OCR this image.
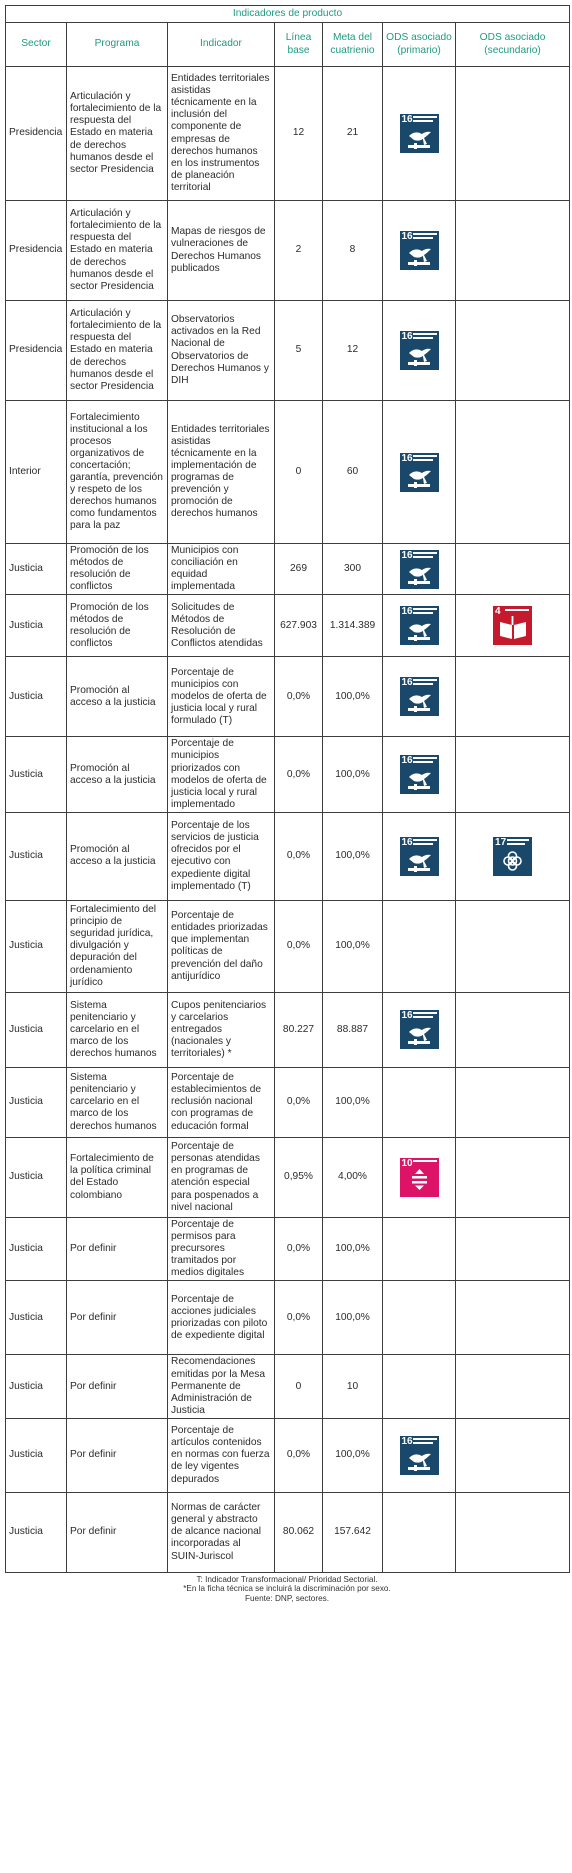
Indicadores de producto						
Sector	Programa	Indicador	Línea base	Meta del cuatrienio	ODS asociado (primario)	ODS asociado (secundario)
Presidencia	Articulación y fortalecimiento de la respuesta del Estado en materia de derechos humanos desde el sector Presidencia	Entidades territoriales asistidas técnicamente en la inclusión del componente de empresas de derechos humanos en los instrumentos de planeación territorial	12	21	16	

Presidencia	Articulación y fortalecimiento de la respuesta del Estado en materia de derechos humanos desde el sector Presidencia	Mapas de riesgos de vulneraciones de Derechos Humanos publicados	2	8	16	

Presidencia	Articulación y fortalecimiento de la respuesta del Estado en materia de derechos humanos desde el sector Presidencia	Observatorios activados en la Red Nacional de Observatorios de Derechos Humanos y DIH	5	12	16	

Interior	Fortalecimiento institucional a los procesos organizativos de concertación; garantía, prevención y respeto de los derechos humanos como fundamentos para la paz	Entidades territoriales asistidas técnicamente en la implementación de programas de prevención y promoción de derechos humanos	0	60	16	

Justicia	Promoción de los métodos de resolución de conflictos	Municipios con conciliación en equidad implementada	269	300	16	

Justicia	Promoción de los métodos de resolución de conflictos	Solicitudes de Métodos de Resolución de Conflictos atendidas	627.903	1.314.389	16	4

Justicia	Promoción al acceso a la justicia	Porcentaje de municipios con modelos de oferta de justicia local y rural formulado (T)	0,0%	100,0%	16	

Justicia	Promoción al acceso a la justicia	Porcentaje de municipios priorizados con modelos de oferta de justicia local y rural implementado	0,0%	100,0%	16	

Justicia	Promoción al acceso a la justicia	Porcentaje de los servicios de justicia ofrecidos por el ejecutivo con expediente digital implementado (T)	0,0%	100,0%	16	17

Justicia	Fortalecimiento del principio de seguridad jurídica, divulgación y depuración del ordenamiento jurídico	Porcentaje de entidades priorizadas que implementan políticas de prevención del daño antijurídico	0,0%	100,0%		
Justicia	Sistema penitenciario y carcelario en el marco de los derechos humanos	Cupos penitenciarios y carcelarios entregados (nacionales y territoriales) *	80.227	88.887	16	

Justicia	Sistema penitenciario y carcelario en el marco de los derechos humanos	Porcentaje de establecimientos de reclusión nacional con programas de educación formal	0,0%	100,0%		
Justicia	Fortalecimiento de la política criminal del Estado colombiano	Porcentaje de personas atendidas en programas de atención especial para pospenados a nivel nacional	0,95%	4,00%	10	

Justicia	Por definir	Porcentaje de permisos para precursores tramitados por medios digitales	0,0%	100,0%		
Justicia	Por definir	Porcentaje de acciones judiciales priorizadas con piloto de expediente digital	0,0%	100,0%		
Justicia	Por definir	Recomendaciones emitidas por la Mesa Permanente de Administración de Justicia	0	10		
Justicia	Por definir	Porcentaje de artículos contenidos en normas con fuerza de ley vigentes depurados	0,0%	100,0%	16	

Justicia	Por definir	Normas de carácter general y abstracto de alcance nacional incorporadas al SUIN-Juriscol	80.062	157.642		
T: Indicador Transformacional/ Prioridad Sectorial.
*En la ficha técnica se incluirá la discriminación por sexo.
Fuente: DNP, sectores.
